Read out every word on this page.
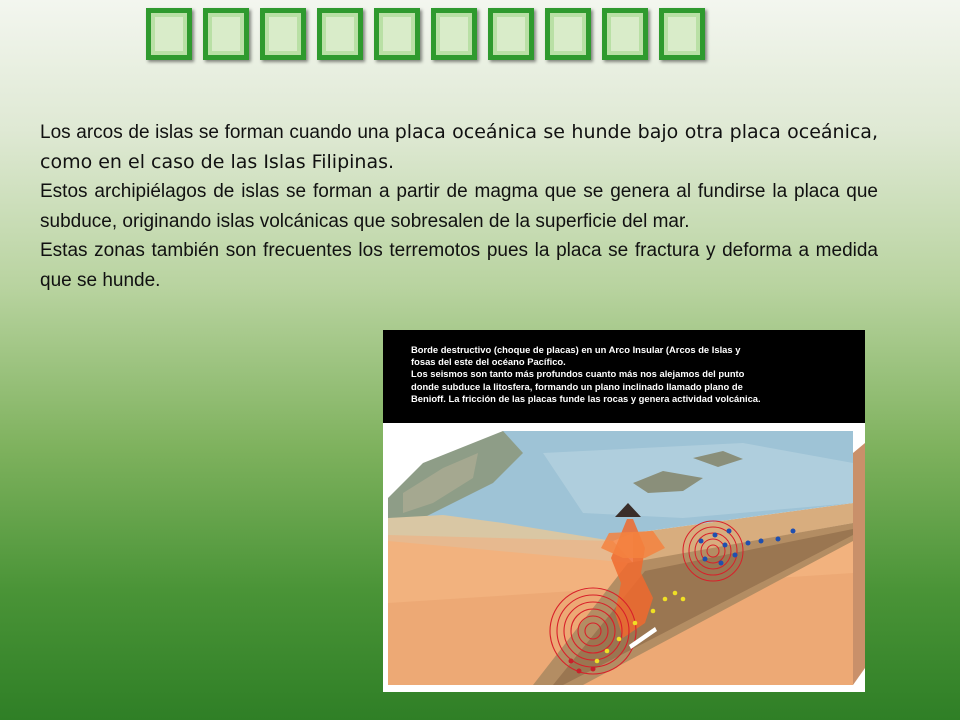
Los arcos de islas se forman cuando una placa oceánica se hunde bajo otra placa oceánica, como en el caso de las Islas Filipinas.

Estos archipiélagos de islas se forman a partir de magma que se genera al fundirse la placa que subduce, originando islas volcánicas que sobresalen de la superficie del mar.

Estas zonas también son frecuentes los terremotos pues la placa se fractura y deforma a medida que se hunde.

Borde destructivo (choque de placas) en un Arco Insular (Arcos de Islas y
fosas del este del océano Pacífico.
Los seismos son tanto más profundos cuanto más nos alejamos del punto
donde subduce la litosfera, formando un plano inclinado llamado plano de
Benioff. La fricción de las placas funde las rocas y genera actividad volcánica.
